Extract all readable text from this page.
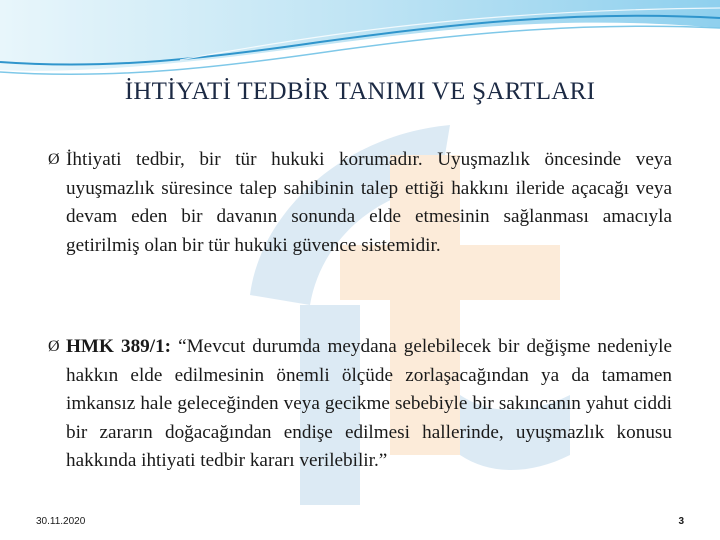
İHTİYATİ TEDBİR TANIMI VE ŞARTLARI
Ø İhtiyati tedbir, bir tür hukuki korumadır. Uyuşmazlık öncesinde veya uyuşmazlık süresince talep sahibinin talep ettiği hakkını ileride açacağı veya devam eden bir davanın sonunda elde etmesinin sağlanması amacıyla getirilmiş olan bir tür hukuki güvence sistemidir.
Ø HMK 389/1: “Mevcut durumda meydana gelebilecek bir değişme nedeniyle hakkın elde edilmesinin önemli ölçüde zorlaşacağından ya da tamamen imkansız hale geleceğinden veya gecikme sebebiyle bir sakıncanın yahut ciddi bir zararın doğacağından endişe edilmesi hallerinde, uyuşmazlık konusu hakkında ihtiyati tedbir kararı verilebilir.”
30.11.2020	3
